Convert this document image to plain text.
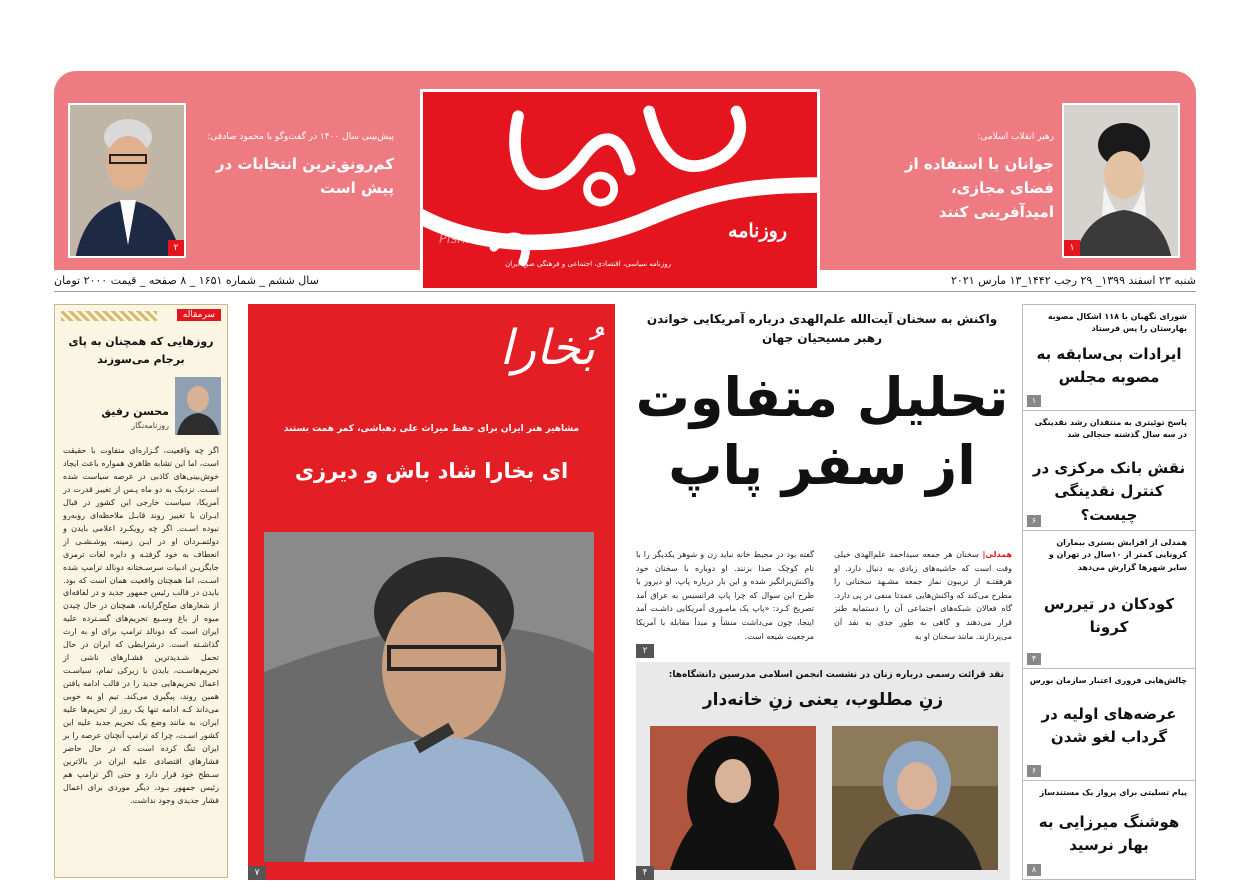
روزنامه
Pishkhan.com
روزنامه سیاسی، اقتصادی، اجتماعی و فرهنگی صبح ایران
۱
رهبر انقلاب اسلامی:
جوانان با استفاده از فضای مجازی، امیدآفرینی کنند
۲
پیش‌بینی سال ۱۴۰۰ در گفت‌وگو با محمود صادقی:
کم‌رونق‌ترین انتخابات در پیش است
شنبه ۲۳ اسفند ۱۳۹۹_ ۲۹ رجب ۱۴۴۲_۱۳ مارس ۲۰۲۱
سال ششم _ شماره ۱۶۵۱ _ ۸ صفحه _ قیمت ۲۰۰۰ تومان
سرمقاله
روزهایی که همچنان به پای برجام می‌سوزند
محسن رفیق
روزنامه‌نگار
اگر چه واقعیت، گـزاره‌ای متفاوت با حقیقت است، اما این تشابه ظاهری همواره باعث ایجاد خوش‌بینی‌های کاذبی در عرصه سیاست شده اسـت. نزدیک به دو ماه پـس از تغییر قدرت در آمریکا، سیاست خارجی این کشور در قبال ایـران با تغییر روند قابـل ملاحظه‌ای روبه‌رو نبوده اسـت. اگر چه رویکـرد اعلامی بایدن و دولتمـردان او در ایـن زمینه، پوشـشـی از انعطاف به خود گرفتـه و دایره لغات ترمزی جایگزیـن ادبیات سرسـختانه دونالد ترامپ شده اسـت، اما همچنان واقعیت همان است که بود. بایدن در قالب رئیس جمهور جدید و در لفافه‌ای از شعارهای صلح‌گرایانه، همچنان در حال چیدن میوه از باغ وسـیع تحریم‌های گسـترده علیه ایران است که دونالد ترامپ برای او به ارث گذاشـته است. درشرایطی که ایران در حال تحمل شـدیدترین فشـارهای ناشی از تحریم‌هاسـت، بایدن با زیرکی تمام، سیاسـت اعمال تحریم‌هایی جدید را در قالب ادامه یافتن همین روند، پیگیری می‌کند. تیم او به خوبی می‌داند کـه ادامه تنها یک روز از تحریم‌ها علیه ایران، به مانند وضع یک تحریم جدید علیه این کشور اسـت، چرا که ترامپ آنچنان عرصه را بر ایران تنگ کرده است که در حال حاضر فشارهای اقتصادی علیه ایران در بالاترین سـطح خود قرار دارد و حتی اگر ترامپ هم رئیس جمهور بـود، دیگر موردی برای اعمال فشار جدیدی وجود نداشت.
بُخارا
مشاهیر هنر ایران برای حفظ میراث علی دهباشی، کمر همت بستند
ای بخارا شاد باش و دیرزی
۷
واکنش به سخنان آیت‌الله علم‌الهدی درباره آمریکایی خواندن رهبر مسیحیان جهان
تحلیل متفاوت از سفر پاپ
همدلی| سخنان هر جمعه سیداحمد علم‌الهدی خیلی وقت است که حاشیه‌های زیادی به دنبال دارد. او هرهفتـه از تریبون نماز جمعه مشـهد سخنانی را مطرح می‌کند که واکنش‌هایی عمدتا منفی در پی دارد. گاه فعالان شبکه‌های اجتماعی آن را دستمایه طنز قرار می‌دهند و گاهی به طور جدی به نقد آن می‌پردازند. مانند سخنان او به
گفته بود در محیط خانه نباید زن و شوهر یکدیگر را با نام کوچک صدا بزنند. او دوباره با سخنان خود واکنش‌برانگیز شده و این بار درباره پاپ، او دیروز با طرح این سوال که چرا پاپ فرانسیس به عراق آمد تصریح کـرد: «پاپ یک مامـوری آمریکایی داشـت آمد اینجا، چون می‌داشت منشأ و مبدأ مقابله با آمریکا مرجعیت شیعه است.
۲
نقد قرائت رسمی درباره زنان در نشست انجمن اسلامی مدرسین دانشگاه‌ها:
زنِ مطلوب، یعنی زنِ خانه‌دار
۴
شورای نگهبان با ۱۱۸ اشکال مصوبه بهارستان را پس فرستاد
ایرادات بی‌سابقه به مصوبه مجلس
۱
پاسخ توئیتری به منتقدان رشد نقدینگی در سه سال گذشته جنجالی شد
نقش بانک مرکزی در کنترل نقدینگی چیست؟
۶
همدلی از افزایش بستری بیماران کرونایی کمتر از ۱۰سال در تهران و سایر شهرها گزارش می‌دهد
کودکان در تیررس کرونا
۴
چالش‌هایی فروری اعتبار سازمان بورس
عرضه‌های اولیه در گرداب لغو شدن
۶
پیام تسلیتی برای پرواز یک مستندساز
هوشنگ میرزایی به بهار نرسید
۸
